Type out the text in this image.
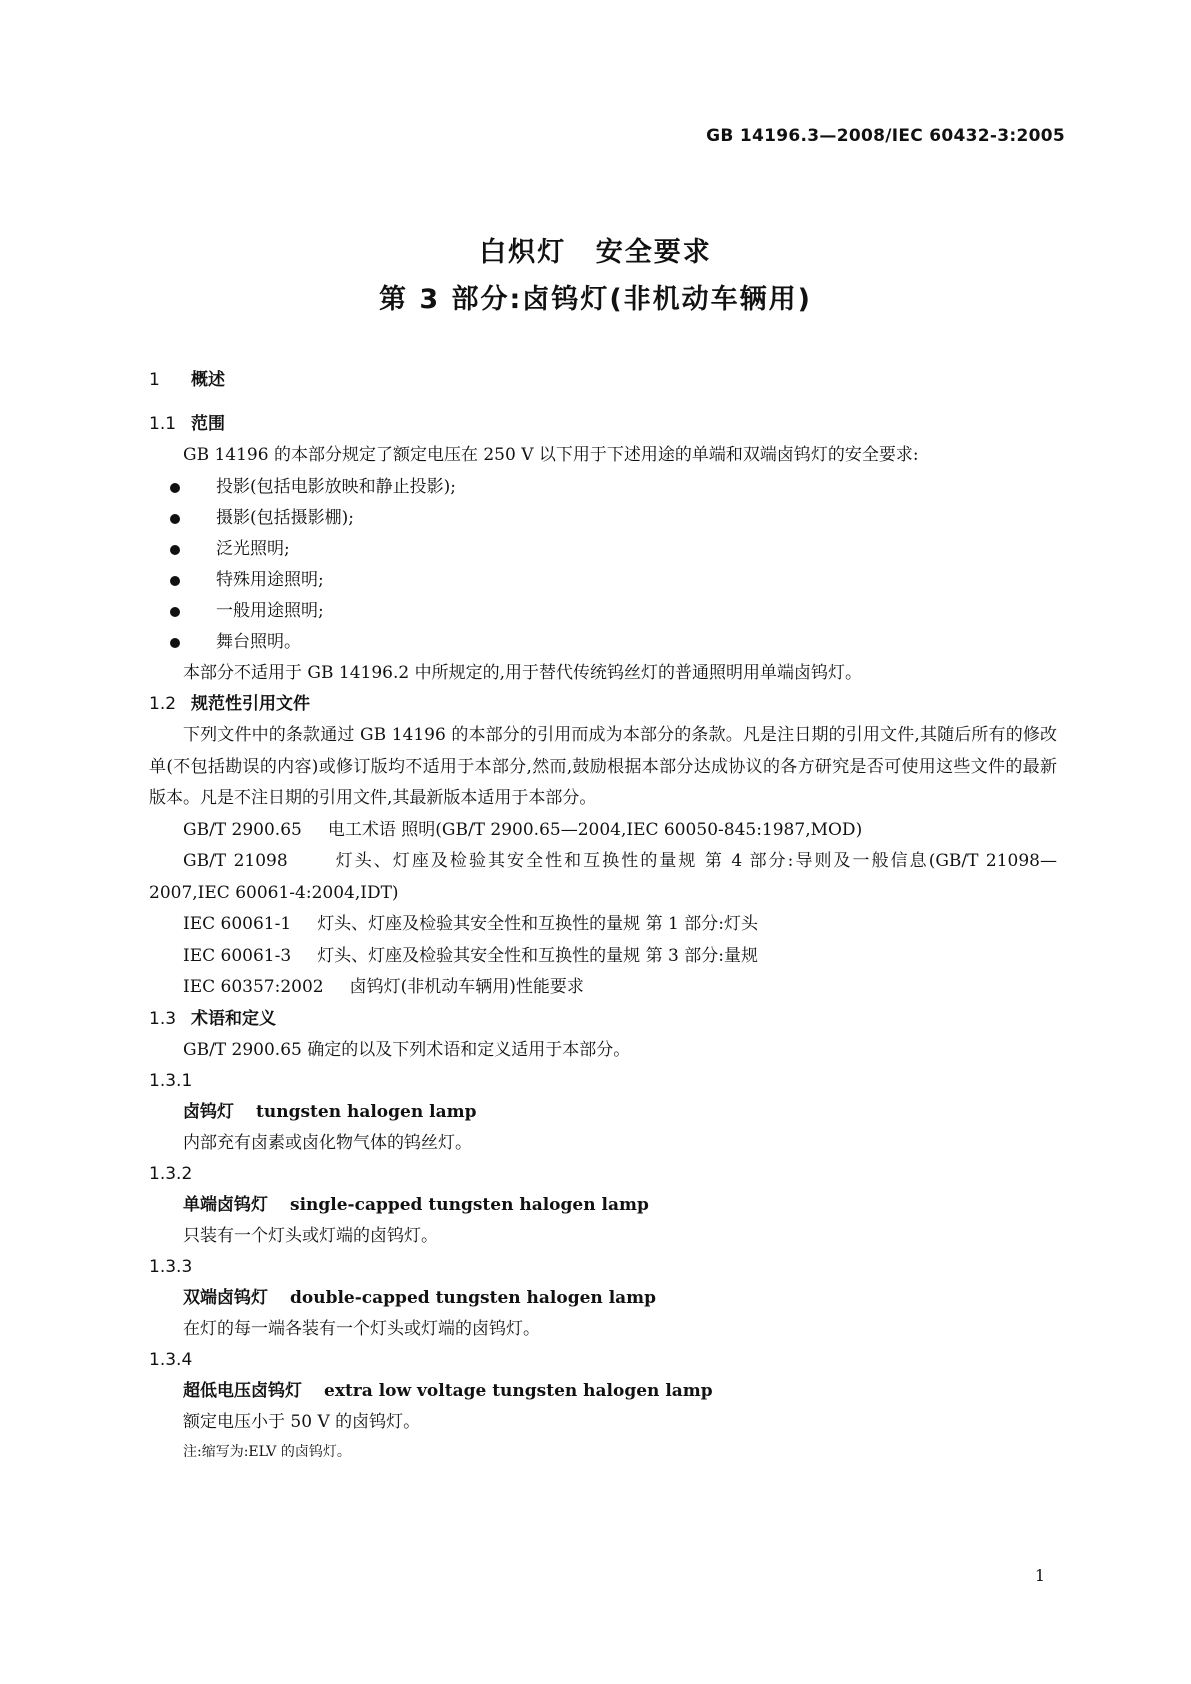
GB 14196.3—2008/IEC 60432-3:2005
白炽灯 安全要求
第 3 部分:卤钨灯(非机动车辆用)
1 概述
1.1 范围
GB 14196 的本部分规定了额定电压在 250 V 以下用于下述用途的单端和双端卤钨灯的安全要求:
投影(包括电影放映和静止投影);
摄影(包括摄影棚);
泛光照明;
特殊用途照明;
一般用途照明;
舞台照明。
本部分不适用于 GB 14196.2 中所规定的,用于替代传统钨丝灯的普通照明用单端卤钨灯。
1.2 规范性引用文件
下列文件中的条款通过 GB 14196 的本部分的引用而成为本部分的条款。凡是注日期的引用文件,其随后所有的修改单(不包括勘误的内容)或修订版均不适用于本部分,然而,鼓励根据本部分达成协议的各方研究是否可使用这些文件的最新版本。凡是不注日期的引用文件,其最新版本适用于本部分。
GB/T 2900.65 电工术语 照明(GB/T 2900.65—2004,IEC 60050-845:1987,MOD)
GB/T 21098	灯头、灯座及检验其安全性和互换性的量规 第 4 部分:导则及一般信息(GB/T 21098—2007,IEC 60061-4:2004,IDT)
IEC 60061-1 灯头、灯座及检验其安全性和互换性的量规 第 1 部分:灯头
IEC 60061-3 灯头、灯座及检验其安全性和互换性的量规 第 3 部分:量规
IEC 60357:2002 卤钨灯(非机动车辆用)性能要求
1.3 术语和定义
GB/T 2900.65 确定的以及下列术语和定义适用于本部分。
1.3.1
卤钨灯 tungsten halogen lamp
内部充有卤素或卤化物气体的钨丝灯。
1.3.2
单端卤钨灯 single-capped tungsten halogen lamp
只装有一个灯头或灯端的卤钨灯。
1.3.3
双端卤钨灯 double-capped tungsten halogen lamp
在灯的每一端各装有一个灯头或灯端的卤钨灯。
1.3.4
超低电压卤钨灯 extra low voltage tungsten halogen lamp
额定电压小于 50 V 的卤钨灯。
注:缩写为:ELV 的卤钨灯。
1
